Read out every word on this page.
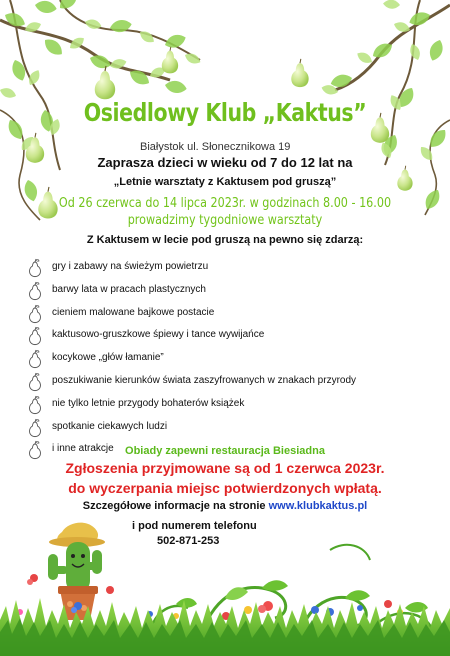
Osiedlowy Klub „Kaktus”
Białystok ul. Słonecznikowa 19
Zaprasza dzieci w wieku od 7 do 12 lat na
„Letnie warsztaty z Kaktusem pod gruszą”
Od 26 czerwca do 14 lipca 2023r. w godzinach 8.00 - 16.00
prowadzimy tygodniowe warsztaty
Z Kaktusem w lecie pod gruszą na pewno się zdarzą:
gry i zabawy na świeżym powietrzu
barwy lata w pracach plastycznych
cieniem malowane bajkowe postacie
kaktusowo-gruszkowe śpiewy i tance wywijańce
kocykowe „głów łamanie”
poszukiwanie kierunków świata zaszyfrowanych w znakach przyrody
nie tylko letnie przygody bohaterów książek
spotkanie ciekawych ludzi
i inne atrakcje	Obiady zapewni restauracja Biesiadna
Zgłoszenia przyjmowane są od 1 czerwca 2023r.
do wyczerpania miejsc potwierdzonych wpłatą.
Szczegółowe informacje na stronie www.klubkaktus.pl
i pod numerem telefonu
502-871-253
